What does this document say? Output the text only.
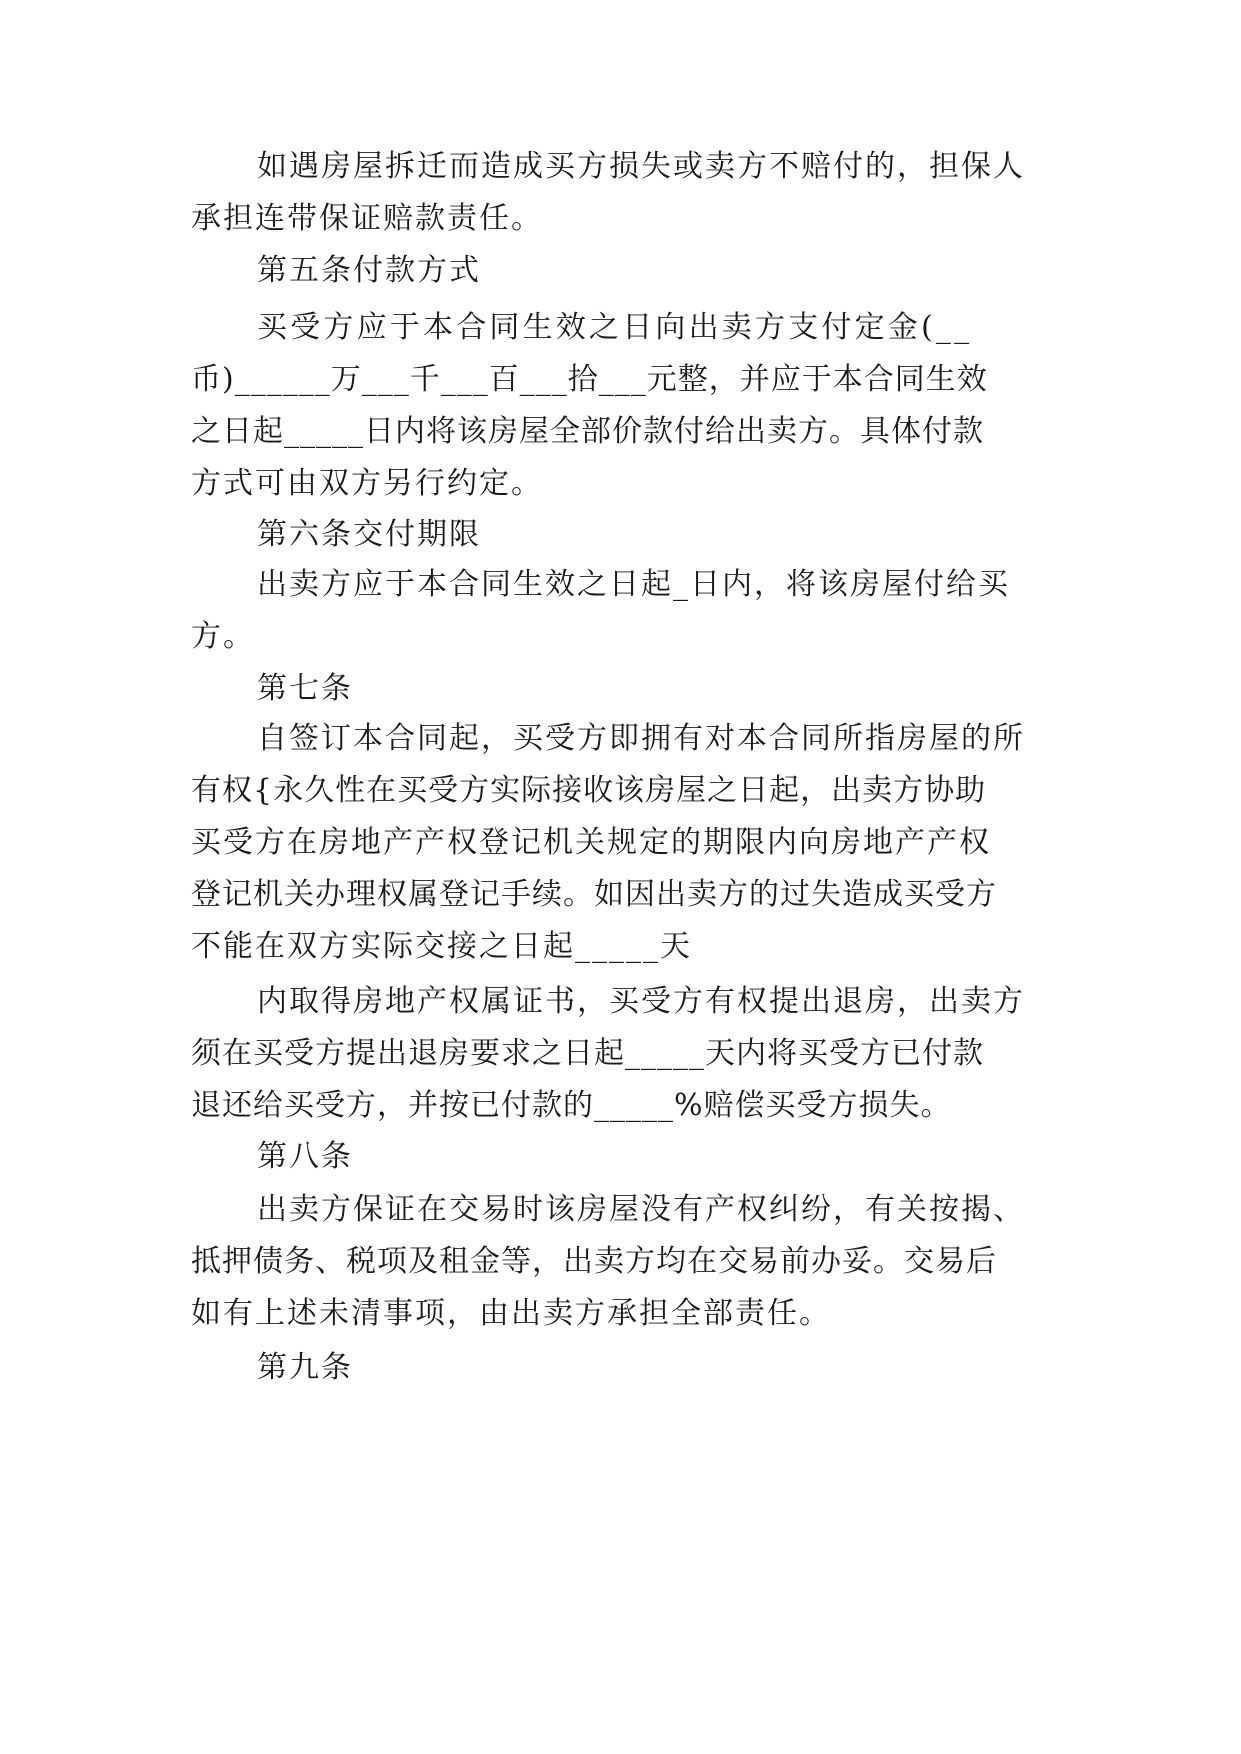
如遇房屋拆迁而造成买方损失或卖方不赔付的，担保人
承担连带保证赔款责任。
第五条付款方式
买受方应于本合同生效之日向出卖方支付定金(__
币)______万___千___百___拾___元整，并应于本合同生效
之日起_____日内将该房屋全部价款付给出卖方。具体付款
方式可由双方另行约定。
第六条交付期限
出卖方应于本合同生效之日起_日内，将该房屋付给买
方。
第七条
自签订本合同起，买受方即拥有对本合同所指房屋的所
有权{永久性在买受方实际接收该房屋之日起，出卖方协助
买受方在房地产产权登记机关规定的期限内向房地产产权
登记机关办理权属登记手续。如因出卖方的过失造成买受方
不能在双方实际交接之日起_____天
内取得房地产权属证书，买受方有权提出退房，出卖方
须在买受方提出退房要求之日起_____天内将买受方已付款
退还给买受方，并按已付款的_____%赔偿买受方损失。
第八条
出卖方保证在交易时该房屋没有产权纠纷，有关按揭、
抵押债务、税项及租金等，出卖方均在交易前办妥。交易后
如有上述未清事项，由出卖方承担全部责任。
第九条
